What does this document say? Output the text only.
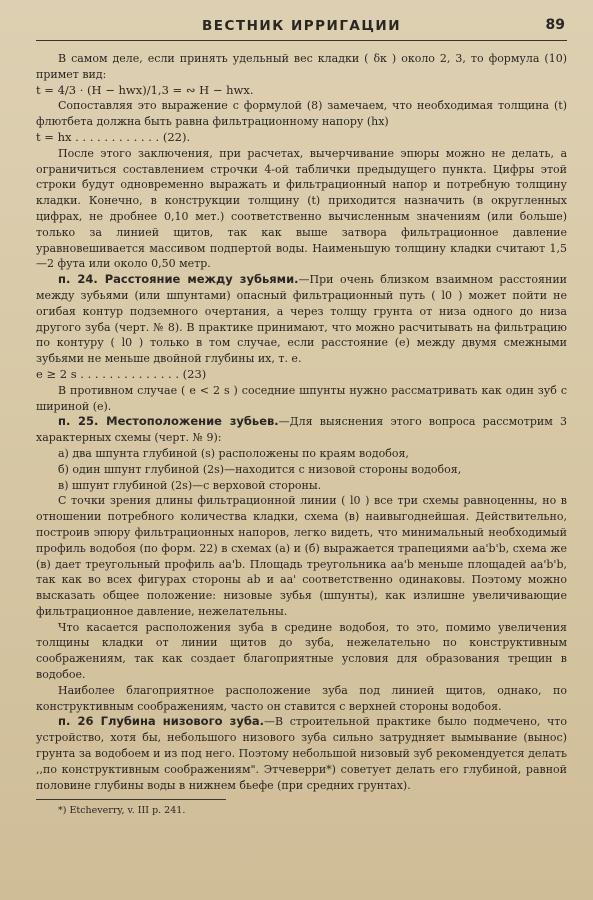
ВЕСТНИК ИРРИГАЦИИ	89

В самом деле, если принять удельный вес кладки ( δк ) около 2, 3, то формула (10) примет вид:

t = 4/3 · (H − hwx)/1,3 = ∾ H − hwx.

Сопоставляя это выражение с формулой (8) замечаем, что необходимая толщина (t) флютбета должна быть равна фильтрационному напору (hx)

t = hx . . . . . . . . . . . . (22).

После этого заключения, при расчетах, вычерчивание эпюры можно не делать, а ограничиться составлением строчки 4-ой таблички предыдущего пункта. Цифры этой строки будут одновременно выражать и фильтрационный напор и потребную толщину кладки. Конечно, в конструкции толщину (t) приходится назначить (в округленных цифрах, не дробнее 0,10 мет.) соответственно вычисленным значениям (или больше) только за линией щитов, так как выше затвора фильтрационное давление уравновешивается массивом подпертой воды. Наименьшую толщину кладки считают 1,5—2 фута или около 0,50 метр.

п. 24. Расстояние между зубьями.—При очень близком взаимном расстоянии между зубьями (или шпунтами) опасный фильтрационный путь ( l0 ) может пойти не огибая контур подземного очертания, а через толщу грунта от низа одного до низа другого зуба (черт. № 8). В практике принимают, что можно расчитывать на фильтрацию по контуру ( l0 ) только в том случае, если расстояние (е) между двумя смежными зубьями не меньше двойной глубины их, т. е.

e ≥ 2 s . . . . . . . . . . . . . . (23)

В противном случае ( e < 2 s ) соседние шпунты нужно рассматривать как один зуб с шириной (е).

п. 25. Местоположение зубьев.—Для выяснения этого вопроса рассмотрим 3 характерных схемы (черт. № 9):

а) два шпунта глубиной (s) расположены по краям водобоя,

б) один шпунт глубиной (2s)—находится с низовой стороны водобоя,

в) шпунт глубиной (2s)—с верховой стороны.

С точки зрения длины фильтрационной линии ( l0 ) все три схемы равноценны, но в отношении потребного количества кладки, схема (в) наивыгоднейшая. Действительно, построив эпюру фильтрационных напоров, легко видеть, что минимальный необходимый профиль водобоя (по форм. 22) в схемах (а) и (б) выражается трапециями aa'b'b, схема же (в) дает треугольный профиль aa'b. Площадь треугольника aa'b меньше площадей aa'b'b, так как во всех фигурах стороны ab и aa' соответственно одинаковы. Поэтому можно высказать общее положение: низовые зубья (шпунты), как излишне увеличивающие фильтрационное давление, нежелательны.

Что касается расположения зуба в средине водобоя, то это, помимо увеличения толщины кладки от линии щитов до зуба, нежелательно по конструктивным соображениям, так как создает благоприятные условия для образования трещин в водобое.

Наиболее благоприятное расположение зуба под линией щитов, однако, по конструктивным соображениям, часто он ставится с верхней стороны водобоя.

п. 26 Глубина низового зуба.—В строительной практике было подмечено, что устройство, хотя бы, небольшого низового зуба сильно затрудняет вымывание (вынос) грунта за водобоем и из под него. Поэтому небольшой низовый зуб рекомендуется делать ,,по конструктивным соображениям". Этчеверри*) советует делать его глубиной, равной половине глубины воды в нижнем бьефе (при средних грунтах).

*) Etcheverry, v. III p. 241.
